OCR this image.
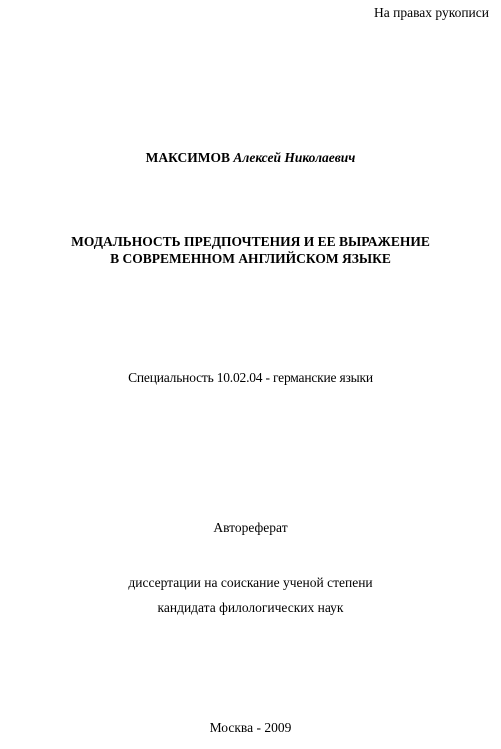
На правах рукописи
МАКСИМОВ Алексей Николаевич
МОДАЛЬНОСТЬ ПРЕДПОЧТЕНИЯ И ЕЕ ВЫРАЖЕНИЕ
В СОВРЕМЕННОМ АНГЛИЙСКОМ ЯЗЫКЕ
Специальность 10.02.04 - германские языки
Автореферат
диссертации на соискание ученой степени
кандидата филологических наук
Москва - 2009
